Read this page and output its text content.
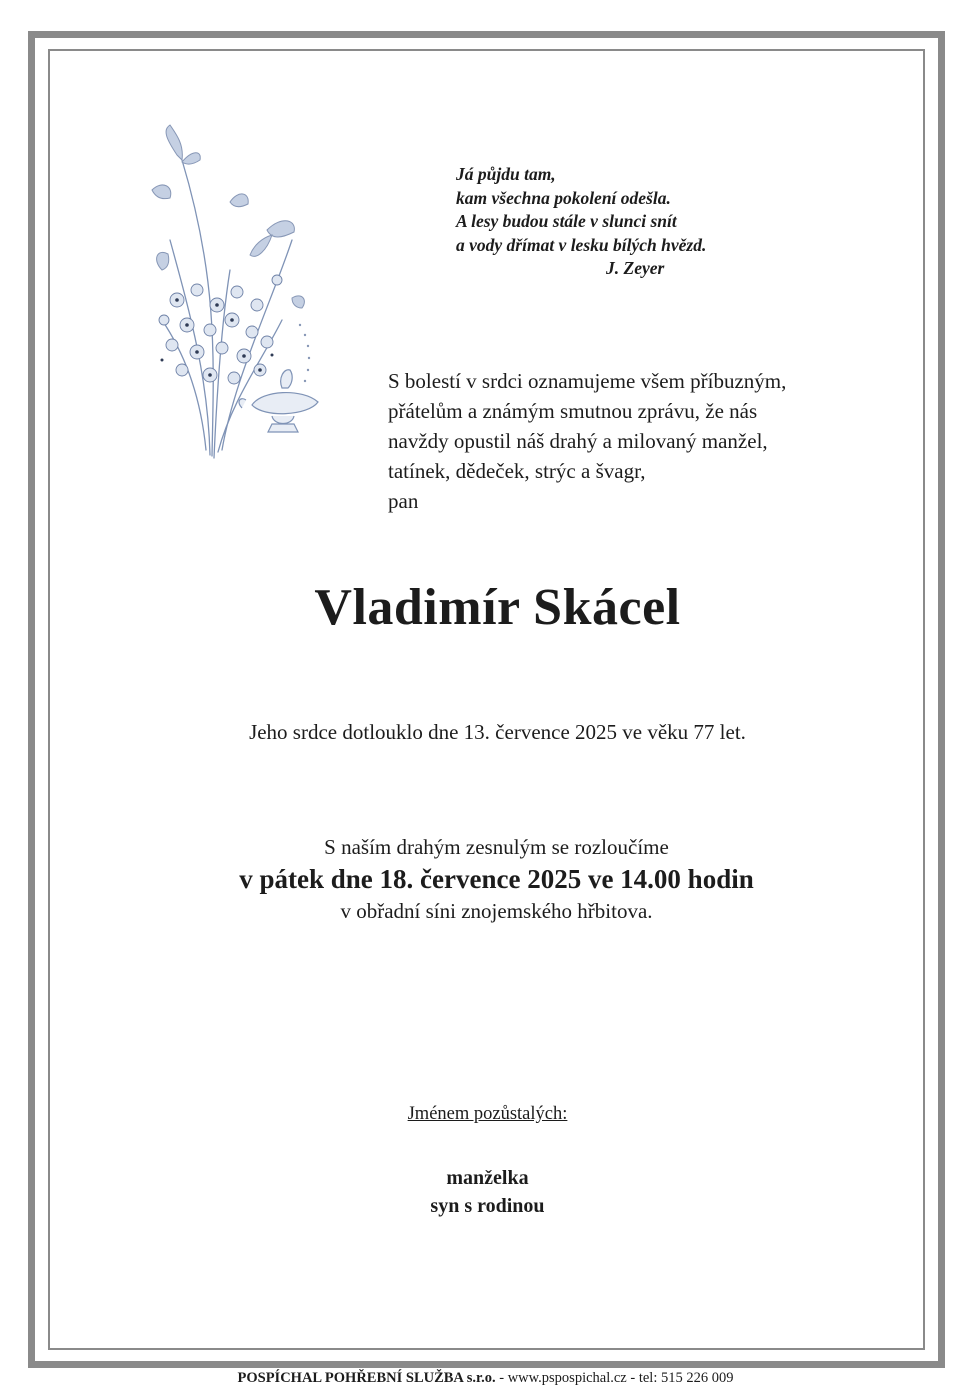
Já půjdu tam,
kam všechna pokolení odešla.
A lesy budou stále v slunci snít
a vody dřímat v lesku bílých hvězd.
J. Zeyer
S bolestí v srdci oznamujeme všem příbuzným,
přátelům a známým smutnou zprávu, že nás
navždy opustil náš drahý a milovaný manžel,
tatínek, dědeček, strýc a švagr,
pan
Vladimír Skácel
Jeho srdce dotlouklo dne 13. července 2025 ve věku 77 let.
S naším drahým zesnulým se rozloučíme
v pátek dne 18. července 2025 ve 14.00 hodin
v obřadní síni znojemského hřbitova.
Jménem pozůstalých:
manželka
syn s rodinou
POSPÍCHAL POHŘEBNÍ SLUŽBA s.r.o. - www.pspospichal.cz - tel: 515 226 009
